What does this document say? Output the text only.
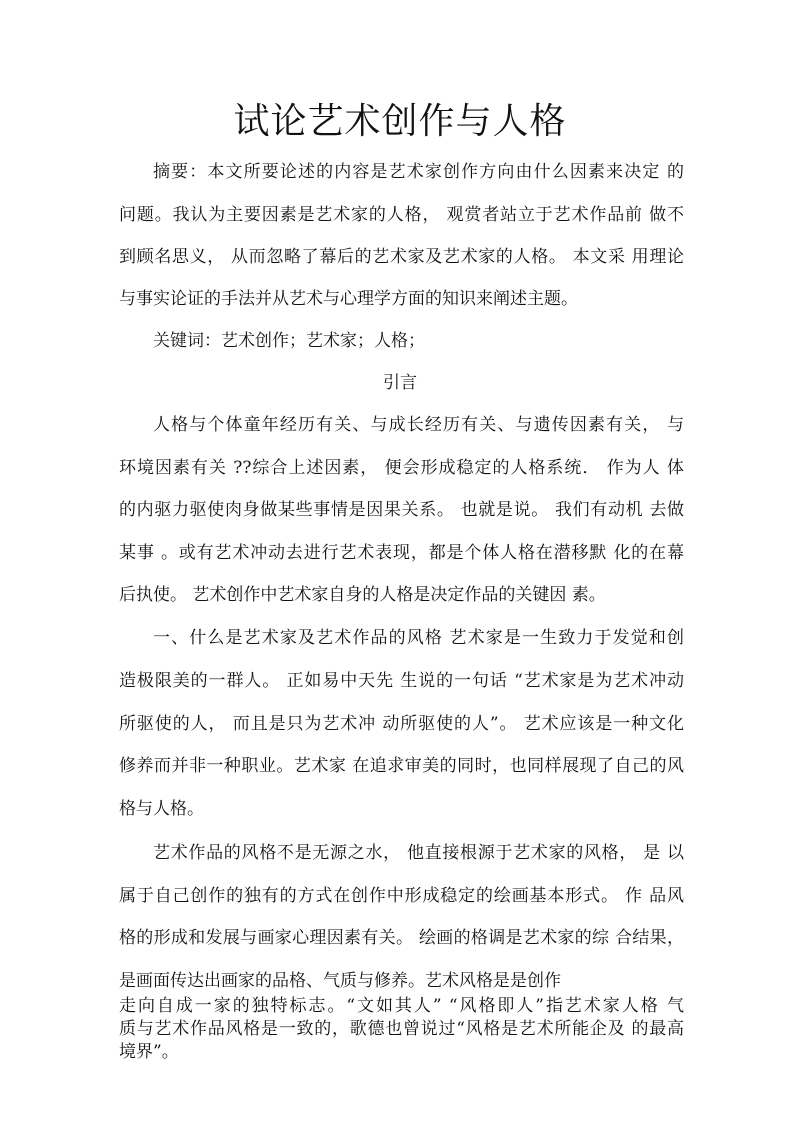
试论艺术创作与人格

摘要：本文所要论述的内容是艺术家创作方向由什么因素来决定 的

问题。我认为主要因素是艺术家的人格， 观赏者站立于艺术作品前 做不

到顾名思义， 从而忽略了幕后的艺术家及艺术家的人格。 本文采 用理论

与事实论证的手法并从艺术与心理学方面的知识来阐述主题。

关键词：艺术创作；艺术家；人格；

引言

人格与个体童年经历有关、与成长经历有关、与遗传因素有关， 与

环境因素有关 ??综合上述因素， 便会形成稳定的人格系统． 作为人 体

的内驱力驱使肉身做某些事情是因果关系。 也就是说。 我们有动机 去做

某事 。或有艺术冲动去进行艺术表现，都是个体人格在潜移默 化的在幕

后执使。 艺术创作中艺术家自身的人格是决定作品的关键因 素。

一、什么是艺术家及艺术作品的风格 艺术家是一生致力于发觉和创

造极限美的一群人。 正如易中天先 生说的一句话 “艺术家是为艺术冲动

所驱使的人， 而且是只为艺术冲 动所驱使的人”。 艺术应该是一种文化

修养而并非一种职业。艺术家 在追求审美的同时，也同样展现了自己的风

格与人格。

艺术作品的风格不是无源之水， 他直接根源于艺术家的风格， 是 以

属于自己创作的独有的方式在创作中形成稳定的绘画基本形式。 作 品风

格的形成和发展与画家心理因素有关。 绘画的格调是艺术家的综 合结果，

是画面传达出画家的品格、气质与修养。艺术风格是是创作

走向自成一家的独特标志。“文如其人” “风格即人”指艺术家人格 气

质与艺术作品风格是一致的，歌德也曾说过“风格是艺术所能企及 的最高

境界”。
